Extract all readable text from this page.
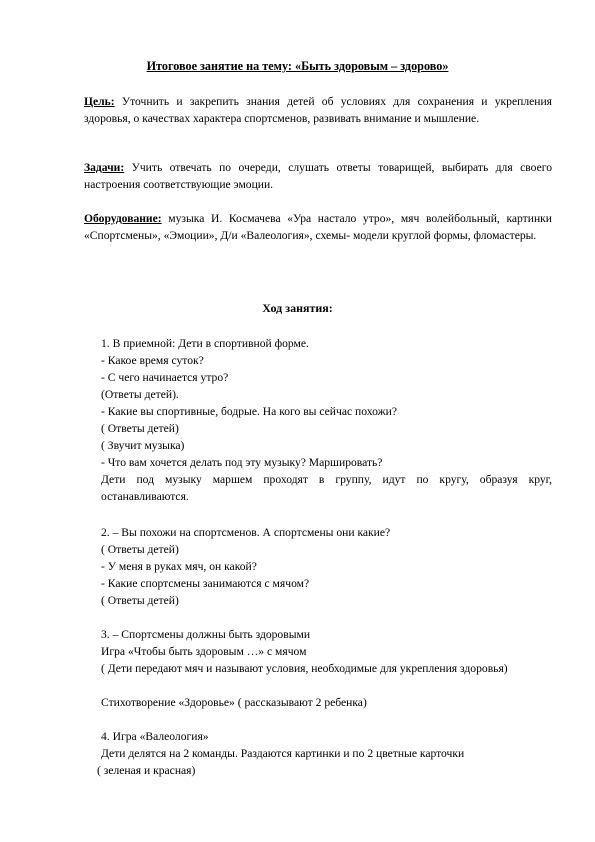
Итоговое занятие на тему: «Быть здоровым – здорово»
Цель: Уточнить и закрепить знания детей об условиях для сохранения и укрепления здоровья, о качествах характера спортсменов, развивать внимание и мышление.
Задачи: Учить отвечать по очереди, слушать ответы товарищей, выбирать для своего настроения соответствующие эмоции.
Оборудование: музыка И. Космачева «Ура настало утро», мяч волейбольный, картинки «Спортсмены», «Эмоции», Д/и «Валеология», схемы- модели круглой формы, фломастеры.
Ход занятия:
1. В приемной: Дети в спортивной форме.
- Какое время суток?
- С чего начинается утро?
(Ответы детей).
- Какие вы спортивные, бодрые. На кого вы сейчас похожи?
( Ответы детей)
( Звучит музыка)
- Что вам хочется делать под эту музыку? Маршировать?
Дети под музыку маршем проходят в группу, идут по кругу, образуя круг, останавливаются.
2. – Вы похожи на спортсменов. А спортсмены они какие?
( Ответы детей)
- У меня в руках мяч, он какой?
- Какие спортсмены занимаются с мячом?
( Ответы детей)
3. – Спортсмены должны быть здоровыми
Игра «Чтобы быть здоровым …» с мячом
( Дети передают мяч и называют условия, необходимые для укрепления здоровья)
Стихотворение «Здоровье» ( рассказывают 2 ребенка)
4. Игра «Валеология»
Дети делятся на 2 команды. Раздаются картинки и по 2 цветные карточки
( зеленая и красная)
